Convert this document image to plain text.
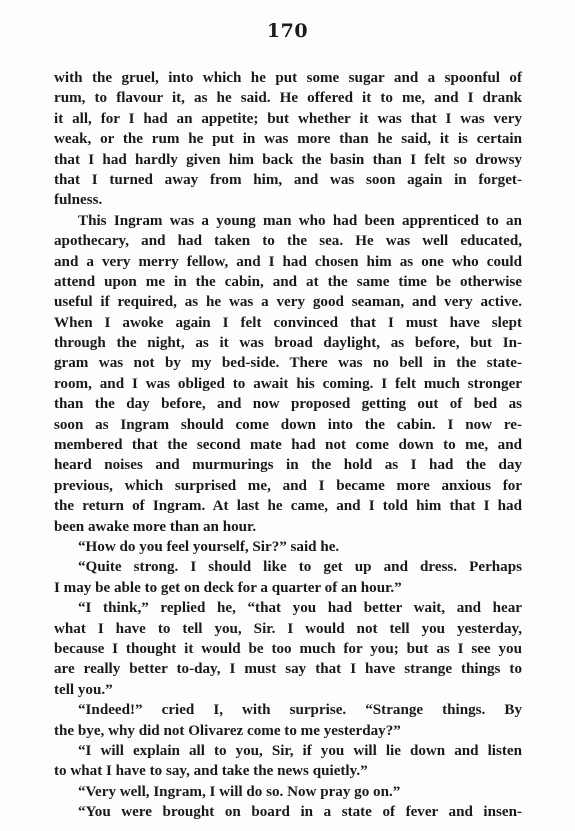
170
with the gruel, into which he put some sugar and a spoonful of
rum, to flavour it, as he said. He offered it to me, and I drank
it all, for I had an appetite; but whether it was that I was very
weak, or the rum he put in was more than he said, it is certain
that I had hardly given him back the basin than I felt so drowsy
that I turned away from him, and was soon again in forget-
fulness.
This Ingram was a young man who had been apprenticed to an
apothecary, and had taken to the sea. He was well educated,
and a very merry fellow, and I had chosen him as one who could
attend upon me in the cabin, and at the same time be otherwise
useful if required, as he was a very good seaman, and very active.
When I awoke again I felt convinced that I must have slept
through the night, as it was broad daylight, as before, but In-
gram was not by my bed-side. There was no bell in the state-
room, and I was obliged to await his coming. I felt much stronger
than the day before, and now proposed getting out of bed as
soon as Ingram should come down into the cabin. I now re-
membered that the second mate had not come down to me, and
heard noises and murmurings in the hold as I had the day
previous, which surprised me, and I became more anxious for
the return of Ingram. At last he came, and I told him that I had
been awake more than an hour.
“How do you feel yourself, Sir?” said he.
“Quite strong. I should like to get up and dress. Perhaps
I may be able to get on deck for a quarter of an hour.”
“I think,” replied he, “that you had better wait, and hear
what I have to tell you, Sir. I would not tell you yesterday,
because I thought it would be too much for you; but as I see you
are really better to-day, I must say that I have strange things to
tell you.”
“Indeed!” cried I, with surprise. “Strange things. By
the bye, why did not Olivarez come to me yesterday?”
“I will explain all to you, Sir, if you will lie down and listen
to what I have to say, and take the news quietly.”
“Very well, Ingram, I will do so. Now pray go on.”
“You were brought on board in a state of fever and insen-
